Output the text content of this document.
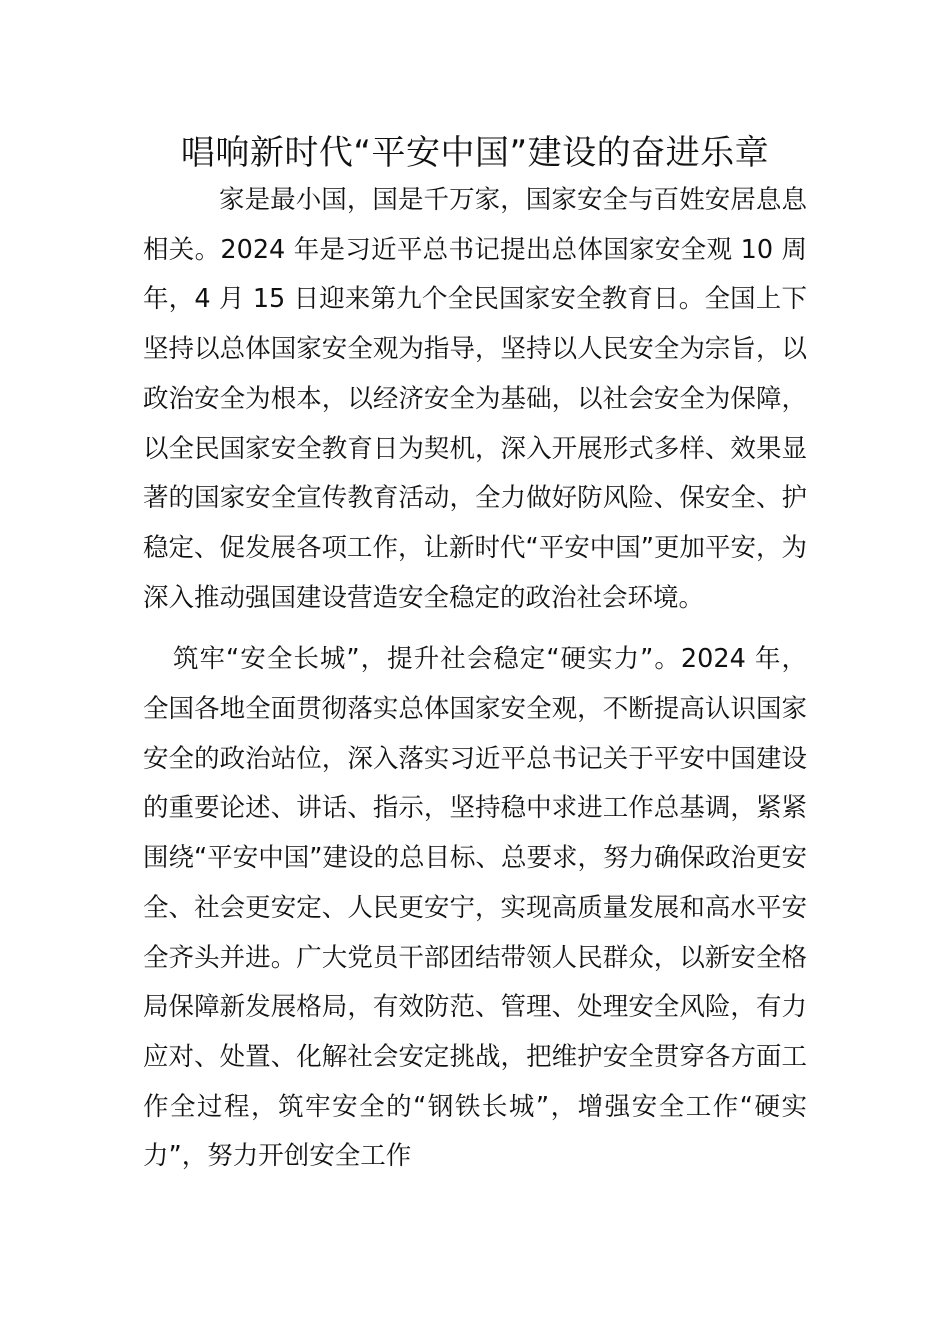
唱响新时代“平安中国”建设的奋进乐章

家是最小国，国是千万家，国家安全与百姓安居息息相关。2024 年是习近平总书记提出总体国家安全观 10 周年，4 月 15 日迎来第九个全民国家安全教育日。全国上下坚持以总体国家安全观为指导，坚持以人民安全为宗旨，以政治安全为根本，以经济安全为基础，以社会安全为保障，以全民国家安全教育日为契机，深入开展形式多样、效果显著的国家安全宣传教育活动，全力做好防风险、保安全、护稳定、促发展各项工作，让新时代“平安中国”更加平安，为深入推动强国建设营造安全稳定的政治社会环境。

筑牢“安全长城”，提升社会稳定“硬实力”。2024 年，全国各地全面贯彻落实总体国家安全观，不断提高认识国家安全的政治站位，深入落实习近平总书记关于平安中国建设的重要论述、讲话、指示，坚持稳中求进工作总基调，紧紧围绕“平安中国”建设的总目标、总要求，努力确保政治更安全、社会更安定、人民更安宁，实现高质量发展和高水平安全齐头并进。广大党员干部团结带领人民群众，以新安全格局保障新发展格局，有效防范、管理、处理安全风险，有力应对、处置、化解社会安定挑战，把维护安全贯穿各方面工作全过程，筑牢安全的“钢铁长城”，增强安全工作“硬实力”，努力开创安全工作
